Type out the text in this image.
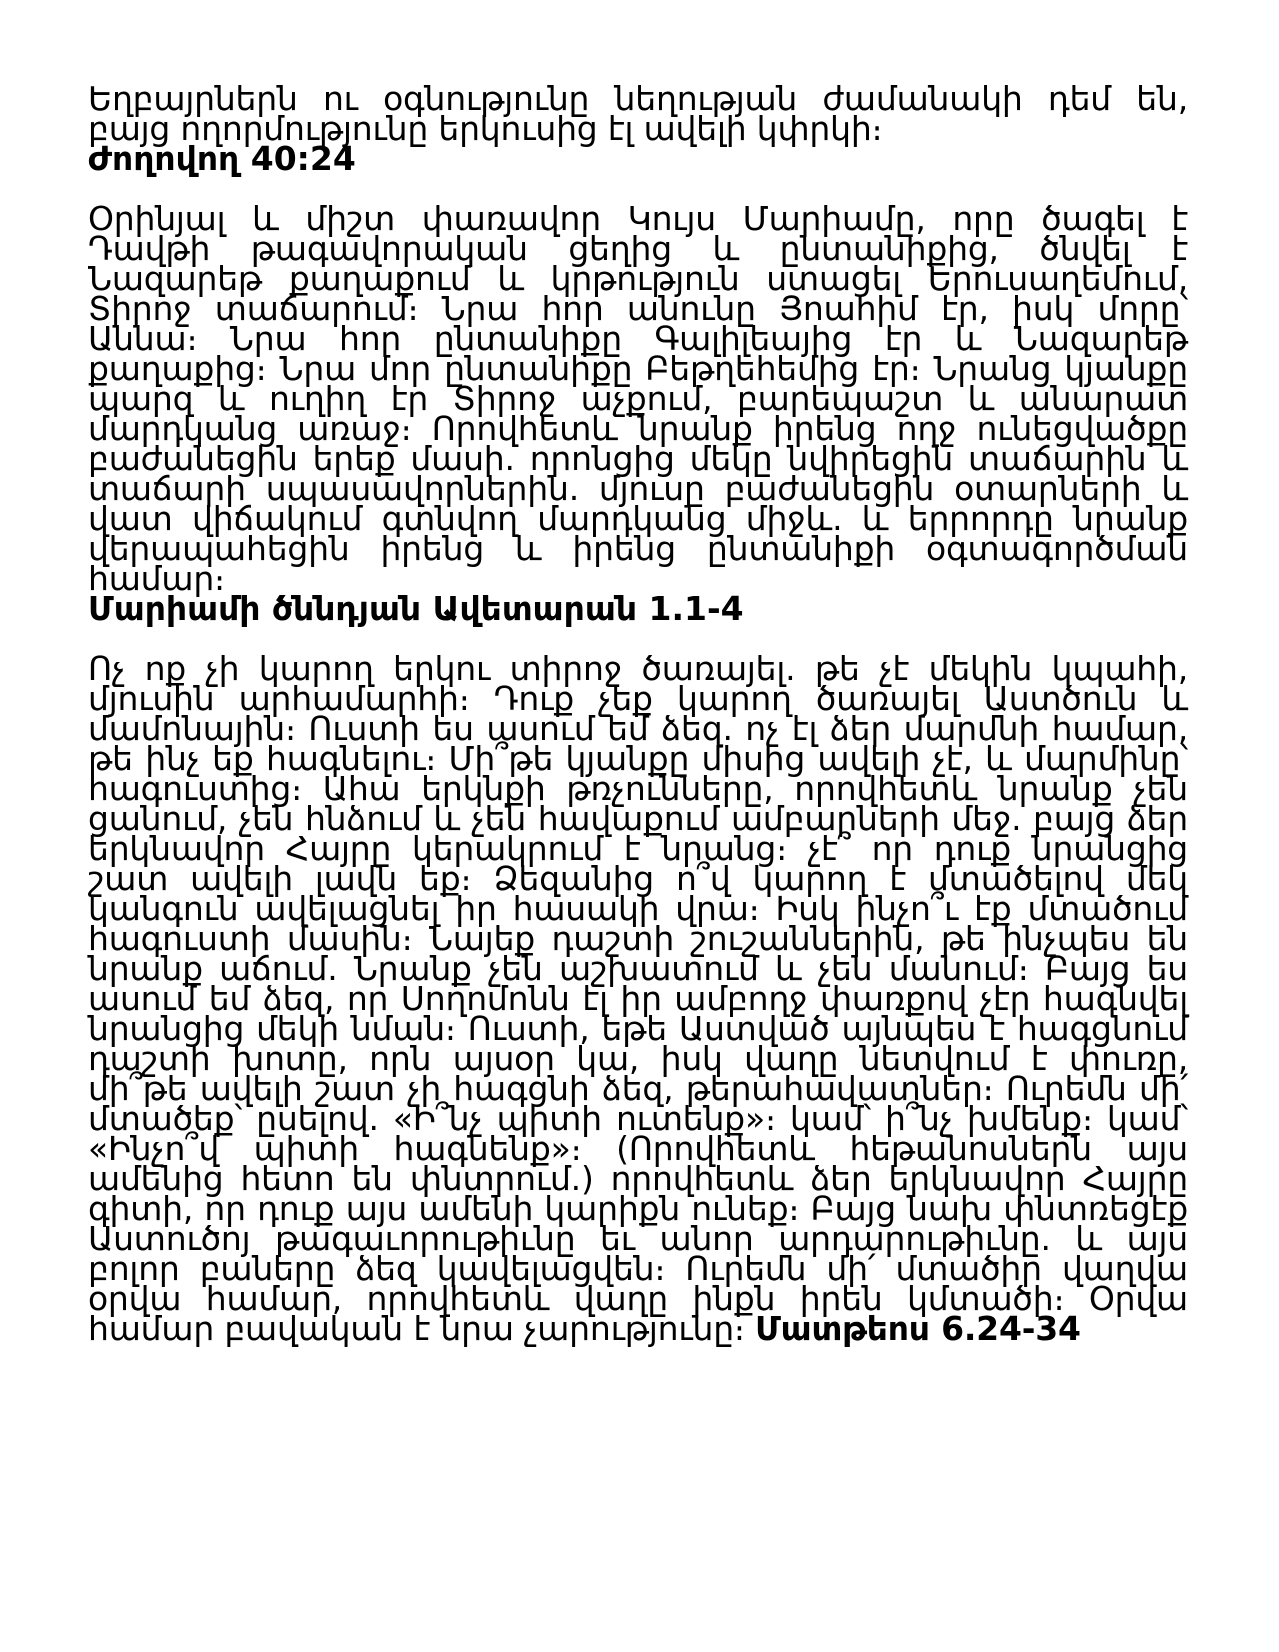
Եղբայրներն ու օգնությունը նեղության ժամանակի դեմ են, բայց ողորմությունը երկուսից էլ ավելի կփրկի։

Ժողովող 40:24

Օրինյալ և միշտ փառավոր Կույս Մարիամը, որը ծագել է Դավթի թագավորական ցեղից և ընտանիքից, ծնվել է Նազարեթ քաղաքում և կրթություն ստացել Երուսաղեմում, Տիրոջ տաճարում։ Նրա հոր անունը Յոահիմ էր, իսկ մորը՝ Աննա։ Նրա հոր ընտանիքը Գալիլեայից էր և Նազարեթ քաղաքից։ Նրա մոր ընտանիքը Բեթղեհեմից էր։ Նրանց կյանքը պարզ և ուղիղ էր Տիրոջ աչքում, բարեպաշտ և անարատ մարդկանց առաջ։ Որովհետև նրանք իրենց ողջ ունեցվածքը բաժանեցին երեք մասի. որոնցից մեկը նվիրեցին տաճարին և տաճարի սպասավորներին. մյուսը բաժանեցին օտարների և վատ վիճակում գտնվող մարդկանց միջև. և երրորդը նրանք վերապահեցին իրենց և իրենց ընտանիքի օգտագործման համար։

Մարիամի ծննդյան Ավետարան 1.1-4

Ոչ ոք չի կարող երկու տիրոջ ծառայել. թե չէ մեկին կպահի, մյուսին արհամարհի։ Դուք չեք կարող ծառայել Աստծուն և մամոնային։ Ուստի ես ասում եմ ձեզ. ոչ էլ ձեր մարմնի համար, թե ինչ եք հագնելու։ Մի՞թե կյանքը միսից ավելի չէ, և մարմինը՝ հագուստից։ Ահա երկնքի թռչունները, որովհետև նրանք չեն ցանում, չեն հնձում և չեն հավաքում ամբարների մեջ. բայց ձեր երկնավոր Հայրը կերակրում է նրանց։ չէ՞ որ դուք նրանցից շատ ավելի լավն եք։ Ձեզանից ո՞վ կարող է մտածելով մեկ կանգուն ավելացնել իր հասակի վրա։ Իսկ ինչո՞ւ էք մտածում հագուստի մասին։ Նայեք դաշտի շուշաններին, թե ինչպես են նրանք աճում. Նրանք չեն աշխատում և չեն մանում։ Բայց ես ասում եմ ձեզ, որ Սողոմոնն էլ իր ամբողջ փառքով չէր հագնվել նրանցից մեկի նման։ Ուստի, եթե Աստված այնպես է հագցնում դաշտի խոտը, որն այսօր կա, իսկ վաղը նետվում է փուռը, մի՞թե ավելի շատ չի հագցնի ձեզ, թերահավատներ։ Ուրեմն մի՛ մտածեք՝ ըսելով. «Ի՞նչ պիտի ուտենք»։ կամ՝ ի՞նչ խմենք։ կամ՝ «Ինչո՞վ պիտի հագնենք»։ (Որովհետև հեթանոսներն այս ամենից հետո են փնտրում.) որովհետև ձեր երկնավոր Հայրը գիտի, որ դուք այս ամենի կարիքն ունեք։ Բայց նախ փնտռեցէք Աստուծոյ թագաւորութիւնը եւ անոր արդարութիւնը. և այս բոլոր բաները ձեզ կավելացվեն։ Ուրեմն մի՛ մտածիր վաղվա օրվա համար, որովհետև վաղը ինքն իրեն կմտածի։ Օրվա համար բավական է նրա չարությունը։ Մատթեոս 6.24-34
